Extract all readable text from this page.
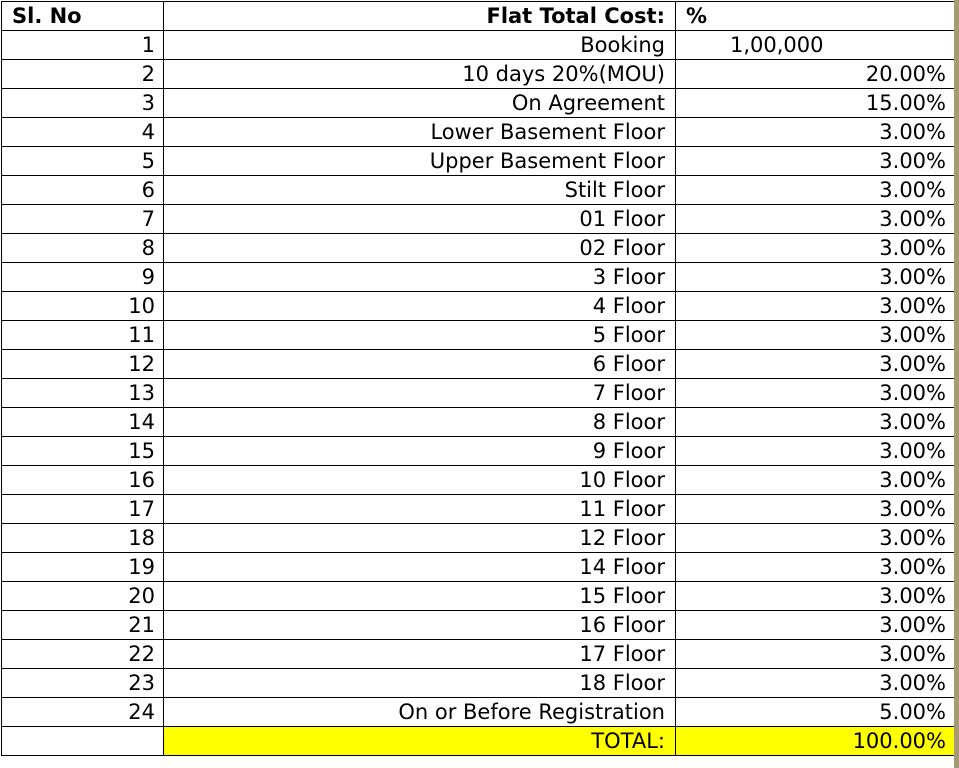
Sl. No	Flat Total Cost:	%
1	Booking	1,00,000
2	10 days 20%(MOU)	20.00%
3	On Agreement	15.00%
4	Lower Basement Floor	3.00%
5	Upper Basement Floor	3.00%
6	Stilt Floor	3.00%
7	01 Floor	3.00%
8	02 Floor	3.00%
9	3 Floor	3.00%
10	4 Floor	3.00%
11	5 Floor	3.00%
12	6 Floor	3.00%
13	7 Floor	3.00%
14	8 Floor	3.00%
15	9 Floor	3.00%
16	10 Floor	3.00%
17	11 Floor	3.00%
18	12 Floor	3.00%
19	14 Floor	3.00%
20	15 Floor	3.00%
21	16 Floor	3.00%
22	17 Floor	3.00%
23	18 Floor	3.00%
24	On or Before Registration	5.00%
	TOTAL:	100.00%
